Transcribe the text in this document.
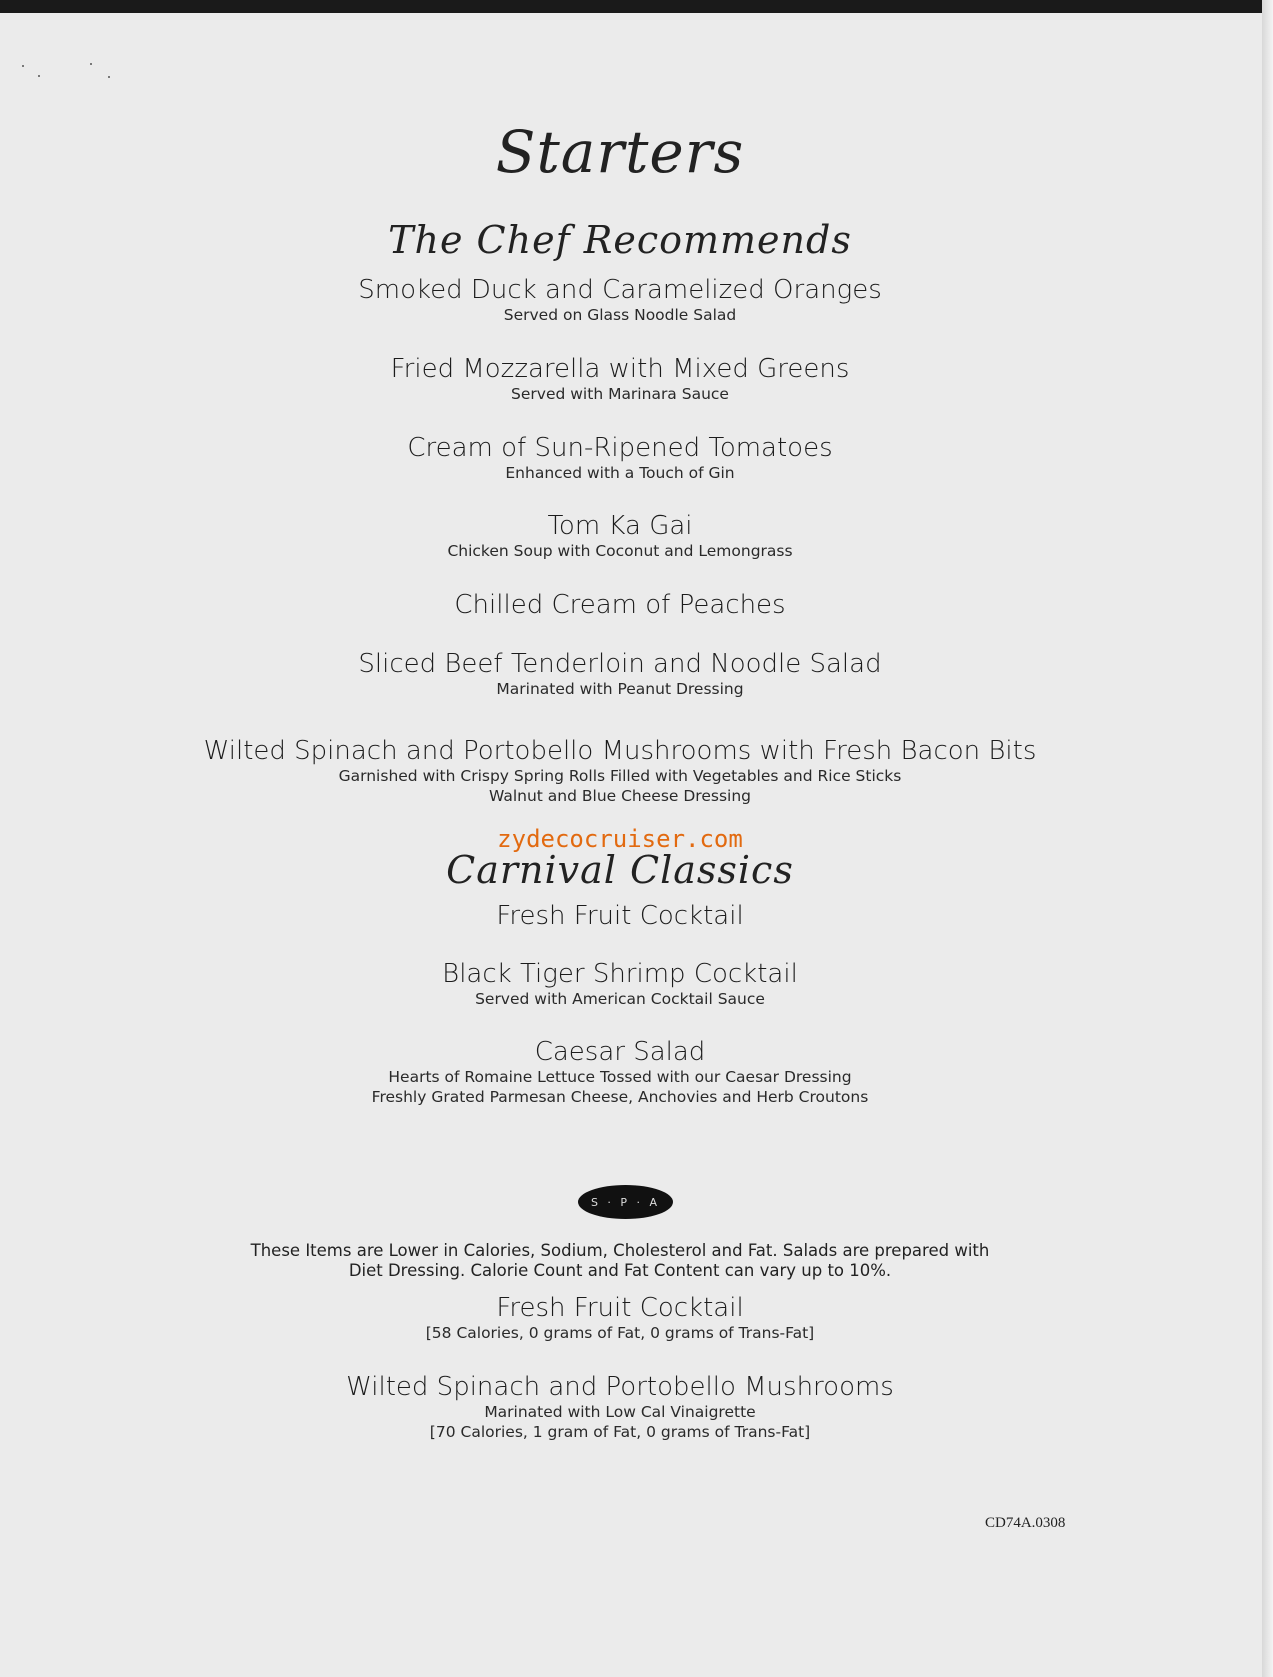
Starters
The Chef Recommends
Smoked Duck and Caramelized Oranges
Served on Glass Noodle Salad
Fried Mozzarella with Mixed Greens
Served with Marinara Sauce
Cream of Sun-Ripened Tomatoes
Enhanced with a Touch of Gin
Tom Ka Gai
Chicken Soup with Coconut and Lemongrass
Chilled Cream of Peaches
Sliced Beef Tenderloin and Noodle Salad
Marinated with Peanut Dressing
Wilted Spinach and Portobello Mushrooms with Fresh Bacon Bits
Garnished with Crispy Spring Rolls Filled with Vegetables and Rice Sticks
Walnut and Blue Cheese Dressing
zydecocruiser.com
Carnival Classics
Fresh Fruit Cocktail
Black Tiger Shrimp Cocktail
Served with American Cocktail Sauce
Caesar Salad
Hearts of Romaine Lettuce Tossed with our Caesar Dressing
Freshly Grated Parmesan Cheese, Anchovies and Herb Croutons
S · P · A
These Items are Lower in Calories, Sodium, Cholesterol and Fat. Salads are prepared with
Diet Dressing. Calorie Count and Fat Content can vary up to 10%.
Fresh Fruit Cocktail
[58 Calories, 0 grams of Fat, 0 grams of Trans-Fat]
Wilted Spinach and Portobello Mushrooms
Marinated with Low Cal Vinaigrette
[70 Calories, 1 gram of Fat, 0 grams of Trans-Fat]
CD74A.0308
